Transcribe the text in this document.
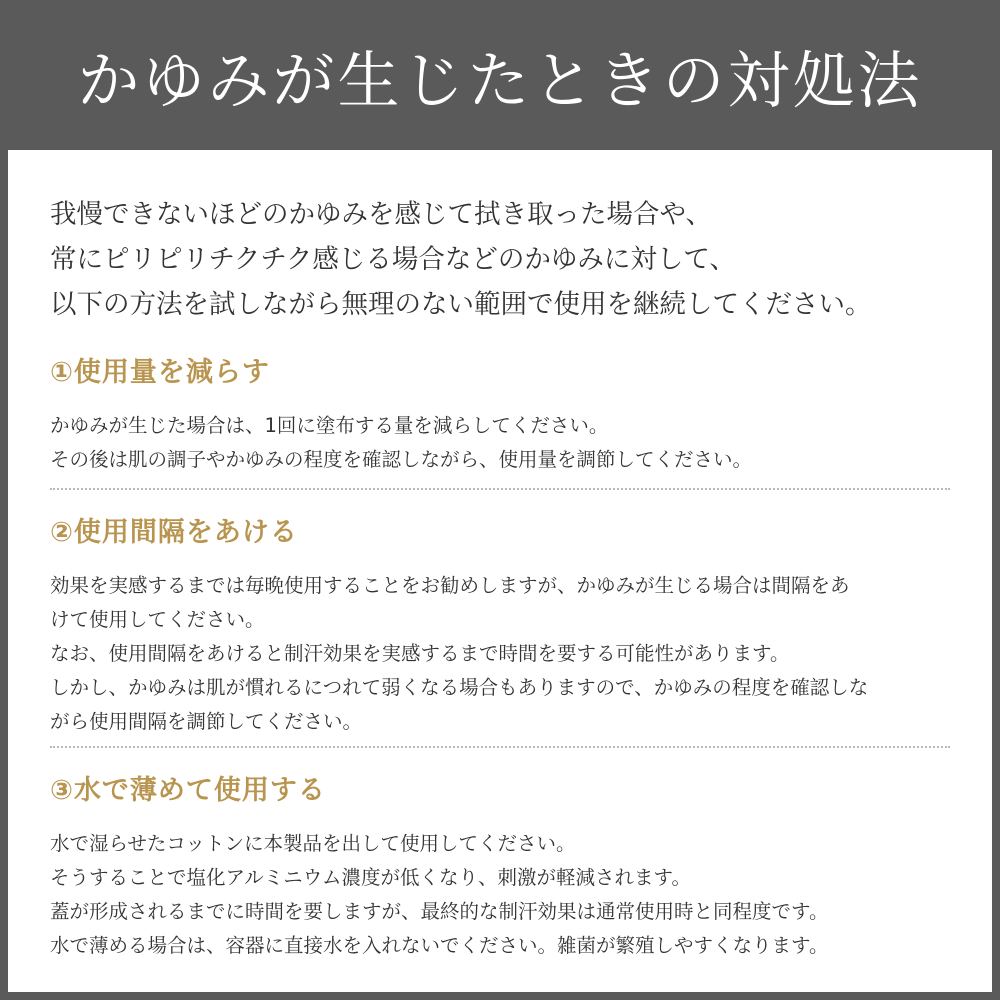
かゆみが生じたときの対処法

我慢できないほどのかゆみを感じて拭き取った場合や、

常にピリピリチクチク感じる場合などのかゆみに対して、

以下の方法を試しながら無理のない範囲で使用を継続してください。

①使用量を減らす

かゆみが生じた場合は、1回に塗布する量を減らしてください。

その後は肌の調子やかゆみの程度を確認しながら、使用量を調節してください。

②使用間隔をあける

効果を実感するまでは毎晩使用することをお勧めしますが、かゆみが生じる場合は間隔をあ

けて使用してください。

なお、使用間隔をあけると制汗効果を実感するまで時間を要する可能性があります。

しかし、かゆみは肌が慣れるにつれて弱くなる場合もありますので、かゆみの程度を確認しな

がら使用間隔を調節してください。

③水で薄めて使用する

水で湿らせたコットンに本製品を出して使用してください。

そうすることで塩化アルミニウム濃度が低くなり、刺激が軽減されます。

蓋が形成されるまでに時間を要しますが、最終的な制汗効果は通常使用時と同程度です。

水で薄める場合は、容器に直接水を入れないでください。雑菌が繁殖しやすくなります。
